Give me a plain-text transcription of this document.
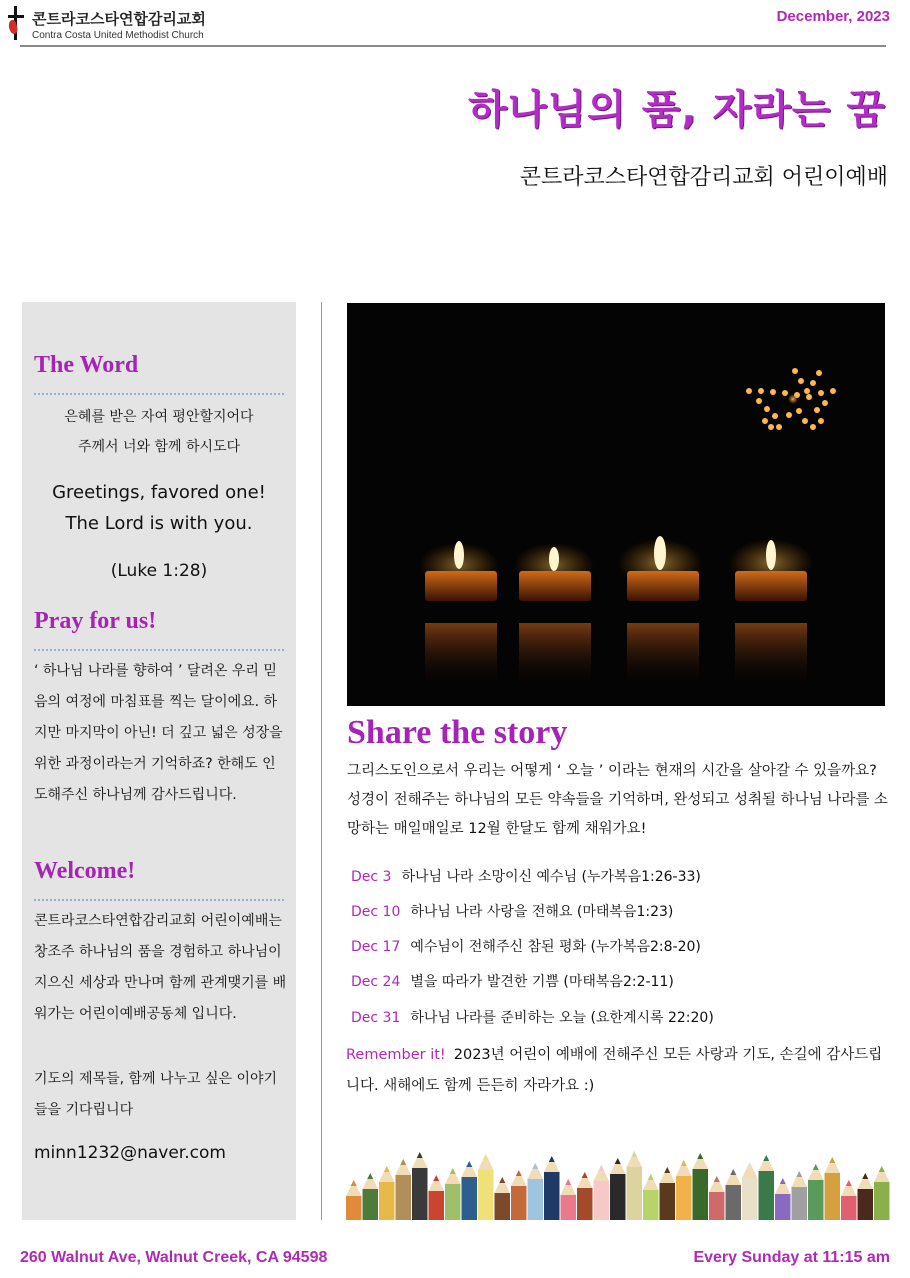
콘트라코스타연합감리교회
Contra Costa United Methodist Church
December, 2023
하나님의 품, 자라는 꿈
콘트라코스타연합감리교회 어린이예배
The Word
은혜를 받은 자여 평안할지어다
주께서 너와 함께 하시도다
Greetings, favored one!
The Lord is with you.
(Luke 1:28)
Pray for us!
‘ 하나님 나라를 향하여 ’ 달려온 우리 믿음의 여정에 마침표를 찍는 달이에요. 하지만 마지막이 아닌! 더 깊고 넓은 성장을 위한 과정이라는거 기억하죠? 한해도 인도해주신 하나님께 감사드립니다.
Welcome!
콘트라코스타연합감리교회 어린이예배는 창조주 하나님의 품을 경험하고 하나님이 지으신 세상과 만나며 함께 관계맺기를 배워가는 어린이예배공동체 입니다.
기도의 제목들, 함께 나누고 싶은 이야기들을 기다립니다
minn1232@naver.com
Share the story
그리스도인으로서 우리는 어떻게 ‘ 오늘 ’ 이라는 현재의 시간을 살아갈 수 있을까요? 성경이 전해주는 하나님의 모든 약속들을 기억하며, 완성되고 성취될 하나님 나라를 소망하는 매일매일로 12월 한달도 함께 채워가요!
Dec 3 하나님 나라 소망이신 예수님 (누가복음1:26-33)
Dec 10 하나님 나라 사랑을 전해요 (마태복음1:23)
Dec 17 예수님이 전해주신 참된 평화 (누가복음2:8-20)
Dec 24 별을 따라가 발견한 기쁨 (마태복음2:2-11)
Dec 31 하나님 나라를 준비하는 오늘 (요한계시록 22:20)
Remember it! 2023년 어린이 예배에 전해주신 모든 사랑과 기도, 손길에 감사드립니다. 새해에도 함께 든든히 자라가요 :)
260 Walnut Ave, Walnut Creek, CA 94598	Every Sunday at 11:15 am
